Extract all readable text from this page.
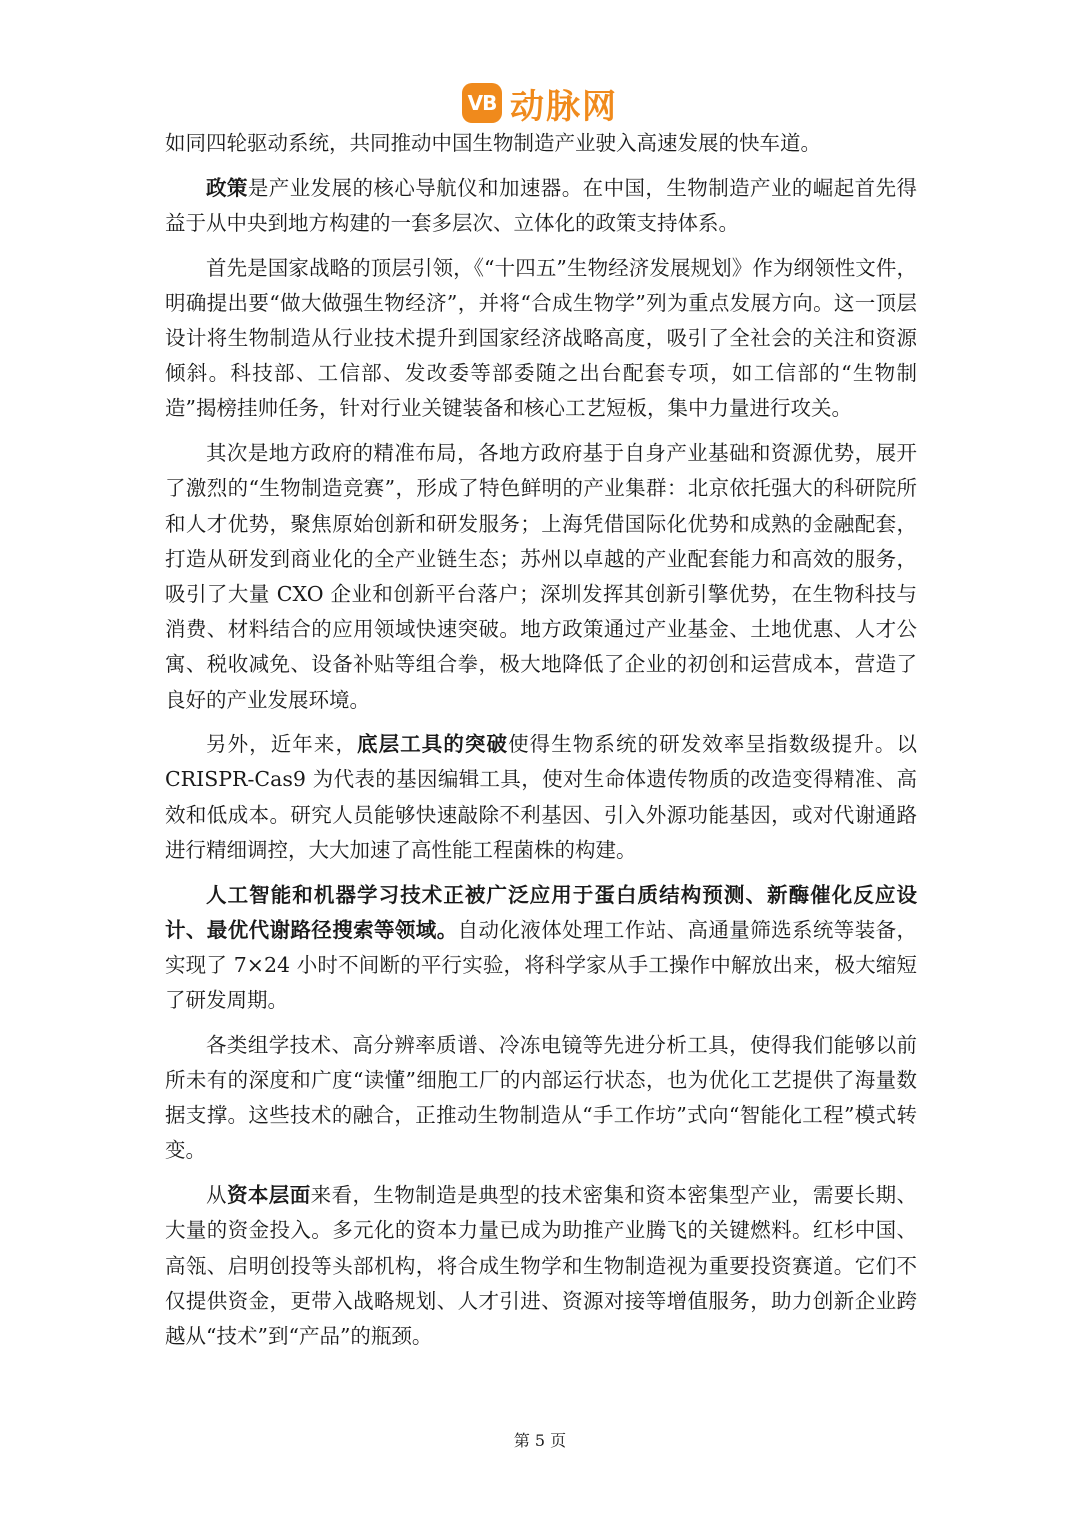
VB 动脉网

如同四轮驱动系统，共同推动中国生物制造产业驶入高速发展的快车道。

政策是产业发展的核心导航仪和加速器。在中国，生物制造产业的崛起首先得益于从中央到地方构建的一套多层次、立体化的政策支持体系。

首先是国家战略的顶层引领，《“十四五”生物经济发展规划》作为纲领性文件，明确提出要“做大做强生物经济”，并将“合成生物学”列为重点发展方向。这一顶层设计将生物制造从行业技术提升到国家经济战略高度，吸引了全社会的关注和资源倾斜。科技部、工信部、发改委等部委随之出台配套专项，如工信部的“生物制造”揭榜挂帅任务，针对行业关键装备和核心工艺短板，集中力量进行攻关。

其次是地方政府的精准布局，各地方政府基于自身产业基础和资源优势，展开了激烈的“生物制造竞赛”，形成了特色鲜明的产业集群：北京依托强大的科研院所和人才优势，聚焦原始创新和研发服务；上海凭借国际化优势和成熟的金融配套，打造从研发到商业化的全产业链生态；苏州以卓越的产业配套能力和高效的服务，吸引了大量 CXO 企业和创新平台落户；深圳发挥其创新引擎优势，在生物科技与消费、材料结合的应用领域快速突破。地方政策通过产业基金、土地优惠、人才公寓、税收减免、设备补贴等组合拳，极大地降低了企业的初创和运营成本，营造了良好的产业发展环境。

另外，近年来，底层工具的突破使得生物系统的研发效率呈指数级提升。以 CRISPR-Cas9 为代表的基因编辑工具，使对生命体遗传物质的改造变得精准、高效和低成本。研究人员能够快速敲除不利基因、引入外源功能基因，或对代谢通路进行精细调控，大大加速了高性能工程菌株的构建。

人工智能和机器学习技术正被广泛应用于蛋白质结构预测、新酶催化反应设计、最优代谢路径搜索等领域。自动化液体处理工作站、高通量筛选系统等装备，实现了 7×24 小时不间断的平行实验，将科学家从手工操作中解放出来，极大缩短了研发周期。

各类组学技术、高分辨率质谱、冷冻电镜等先进分析工具，使得我们能够以前所未有的深度和广度“读懂”细胞工厂的内部运行状态，也为优化工艺提供了海量数据支撑。这些技术的融合，正推动生物制造从“手工作坊”式向“智能化工程”模式转变。

从资本层面来看，生物制造是典型的技术密集和资本密集型产业，需要长期、大量的资金投入。多元化的资本力量已成为助推产业腾飞的关键燃料。红杉中国、高瓴、启明创投等头部机构，将合成生物学和生物制造视为重要投资赛道。它们不仅提供资金，更带入战略规划、人才引进、资源对接等增值服务，助力创新企业跨越从“技术”到“产品”的瓶颈。

第 5 页
